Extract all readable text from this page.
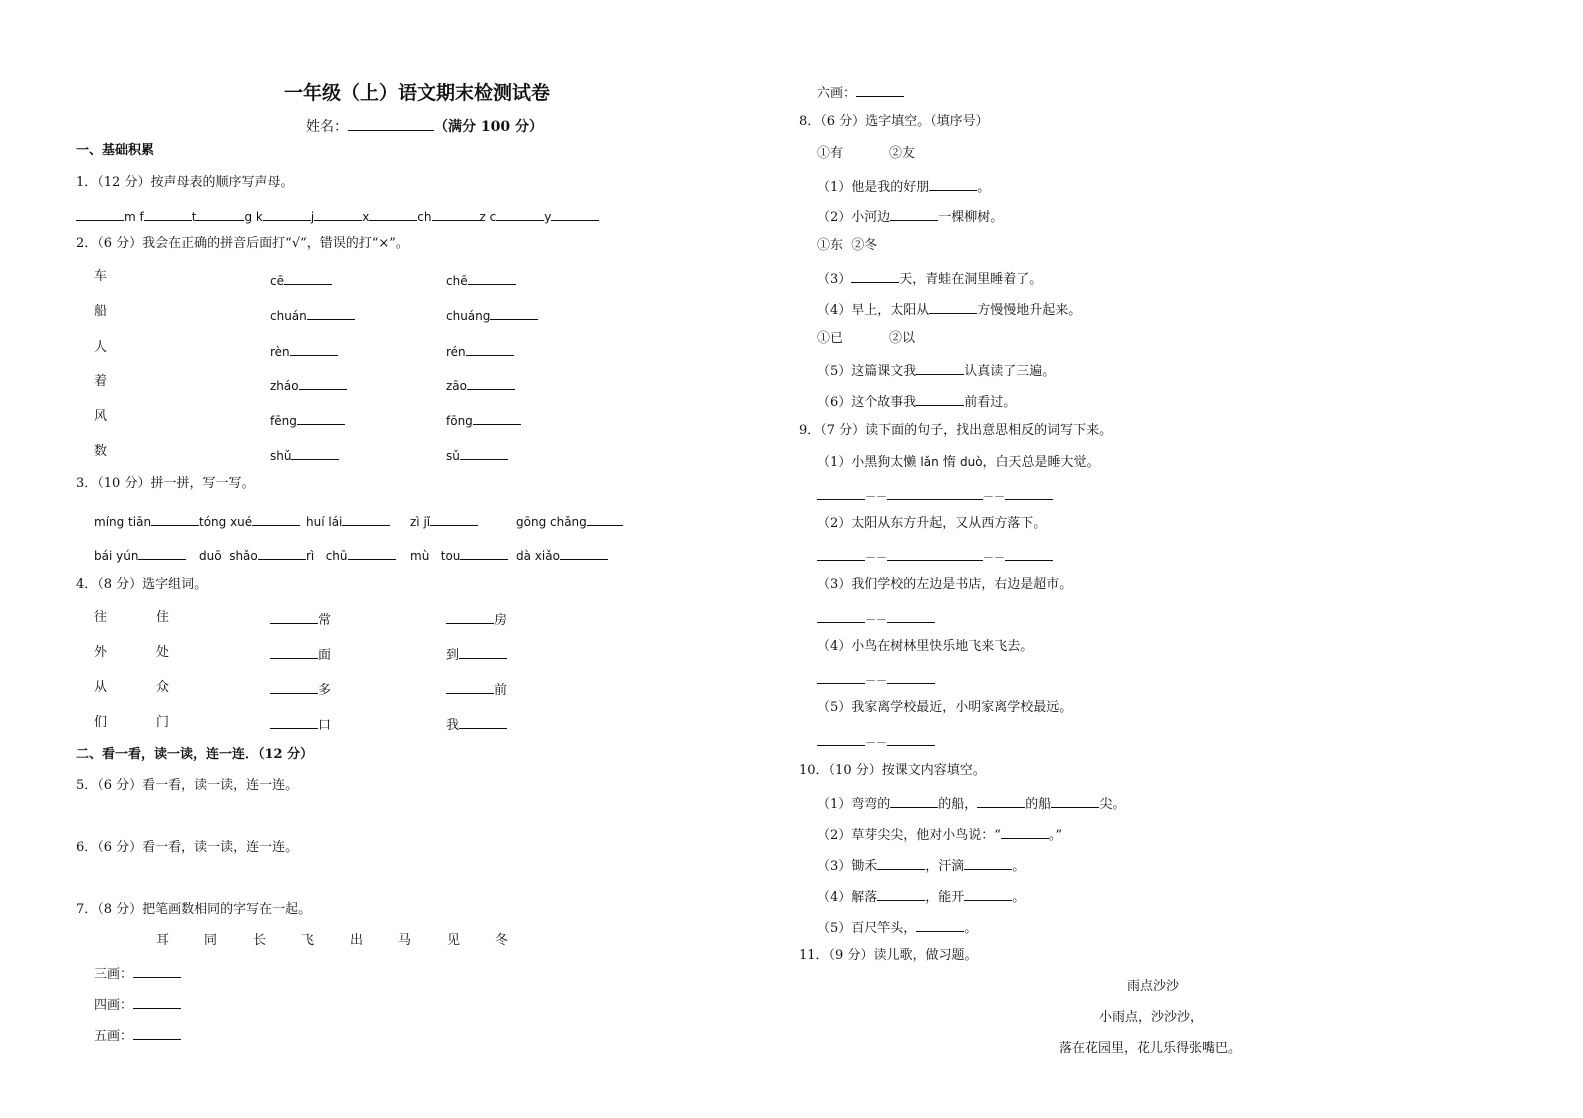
一年级（上）语文期末检测试卷
姓名：	（满分 100 分）
一、基础积累
1．（12 分）按声母表的顺序写声母。
m f	t	g k	j	x	ch	z c	y
2．（6 分）我会在正确的拼音后面打“√”，错误的打“×”。
车	cē	chē
船	chuán	chuáng
人	rèn	rén
着	zháo	zāo
风	fēng	fōng
数	shǔ	sǔ
3．（10 分）拼一拼，写一写。
míng tiān	tóng xué	huí lái	zì jǐ	gōng chǎng
bái yún	duō  shǎo	rì   chū	mù   tou	dà xiǎo
4．（8 分）选字组词。
往	住	常	房
外	处	面	到
从	众	多	前
们	门	口	我
二、看一看，读一读，连一连．（12 分）
5．（6 分）看一看，读一读，连一连。
6．（6 分）看一看，读一读，连一连。
7．（8 分）把笔画数相同的字写在一起。
耳	同	长	飞	出	马	见	冬
三画：
四画：
五画：
六画：
8．（6 分）选字填空。（填序号）
①有	②友
（1）他是我的好朋	。
（2）小河边	一棵柳树。
①东  ②冬
（3）	天，青蛙在洞里睡着了。
（4）早上，太阳从	方慢慢地升起来。
①已	②以
（5）这篇课文我	认真读了三遍。
（6）这个故事我	前看过。
9．（7 分）读下面的句子，找出意思相反的词写下来。
（1）小黑狗太懒 lǎn 惰 duò，白天总是睡大觉。
－－	－－
（2）太阳从东方升起，又从西方落下。
－－	－－
（3）我们学校的左边是书店，右边是超市。
－－
（4）小鸟在树林里快乐地飞来飞去。
－－
（5）我家离学校最近，小明家离学校最远。
－－
10．（10 分）按课文内容填空。
（1）弯弯的	的船，	的船	尖。
（2）草芽尖尖，他对小鸟说：“	。”
（3）锄禾	，汗滴	。
（4）解落	，能开	。
（5）百尺竿头，	。
11．（9 分）读儿歌，做习题。
雨点沙沙
小雨点，沙沙沙，
落在花园里，花儿乐得张嘴巴。
